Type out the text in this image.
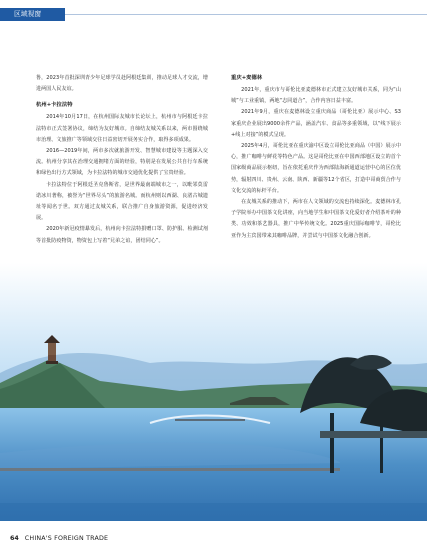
区域视窗

鲁，2023年首批深圳青少年足球学员赴阿根廷集训，推动足球人才交流，增进两国人民友谊。

杭州+卡拉法特

2014年10月17日，在杭州国际友城市长论坛上，杭州市与阿根廷卡拉法特市正式签署协议，缔结为友好城市。自缔结友城关系以来，两市围绕城市治理、文旅推广等领域交往日益密切开展务实合作，取得多项成果。

2016—2019年间，两市多次就旅游开发、智慧城市建设等主题深入交流。杭州分享其在治理交通拥堵方面的经验，特别是在发展公共自行车系统和绿色出行方式领域，为卡拉法特的城市交通优化提供了宝贵经验。

卡拉法特位于阿根廷圣克鲁斯省，是世界最南端城市之一，以毗邻莫雷诺冰川著称，被誉为“世界尽头”的旅游名城。而杭州则以西湖、良渚古城遗址等闻名于世。双方通过友城关系，联合推广自身旅游资源，促进经济发展。

2020年新冠疫情暴发后，杭州向卡拉法特捐赠口罩、防护服、检测试剂等首批防疫物资，物资包上写着“兄弟之谊，团结同心”。

重庆+麦德林

2021年，重庆市与哥伦比亚麦德林市正式建立友好城市关系，同为“山城”与工业重镇，两地“志同道合”，合作内容日益丰富。

2021年9月，重庆在麦德林设立重庆商品（哥伦比亚）展示中心、S3家重庆企业展出9000余件产品，涵盖汽车、食品等多重领域，以“线下展示+线上对接”的模式呈现。

2025年4月，哥伦比亚在重庆渝中区设立哥伦比亚商品（中国）展示中心，推广咖啡与鲜花等特色产品。这是哥伦比亚在中国西部地区设立的首个国家级商品展示枢纽，旨在依托重庆作为西部陆海新通道运营中心的区位优势，辐射四川、贵州、云南、陕西、新疆等12个省区，打造中哥商贸合作与文化交流的标杆平台。

在友城关系的推动下，两市在人文领域的交流也持续深化。麦德林市孔子学院举办中国茶文化讲座，向当地学生和中国茶文化爱好者介绍茶叶的种类、功效和茶艺器具，推广中华传统文化。2025重庆国际咖啡节，哥伦比亚作为主宾国带来其咖啡品牌，并尝试与中国茶文化融合创新。

64 CHINA'S FOREIGN TRADE
